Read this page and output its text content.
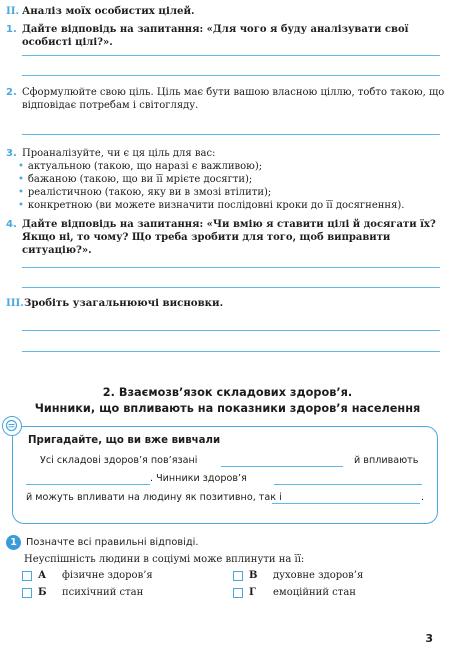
II. Аналіз моїх особистих цілей.
1. Дайте відповідь на запитання: «Для чого я буду аналізувати свої особисті цілі?».
2. Сформулюйте свою ціль. Ціль має бути вашою власною ціллю, тобто такою, що відповідає потребам і світогляду.
3. Проаналізуйте, чи є ця ціль для вас:
• актуальною (такою, що наразі є важливою);
• бажаною (такою, що ви її мрієте досягти);
• реалістичною (такою, яку ви в змозі втілити);
• конкретною (ви можете визначити послідовні кроки до її досягнення).
4. Дайте відповідь на запитання: «Чи вмію я ставити цілі й досягати їх? Якщо ні, то чому? Що треба зробити для того, щоб виправити ситуацію?».
III.Зробіть узагальнюючі висновки.
2. Взаємозв’язок складових здоров’я.
Чинники, що впливають на показники здоров’я населення
Пригадайте, що ви вже вивчали
Усі складові здоров’я пов’язані	й впливають
. Чинники здоров’я
й можуть впливати на людину як позитивно, так і	.
1 Позначте всі правильні відповіді.
Неуспішність людини в соціумі може вплинути на її:
А	фізичне здоров’я
Б	психічний стан
В	духовне здоров’я
Г	емоційний стан
3
